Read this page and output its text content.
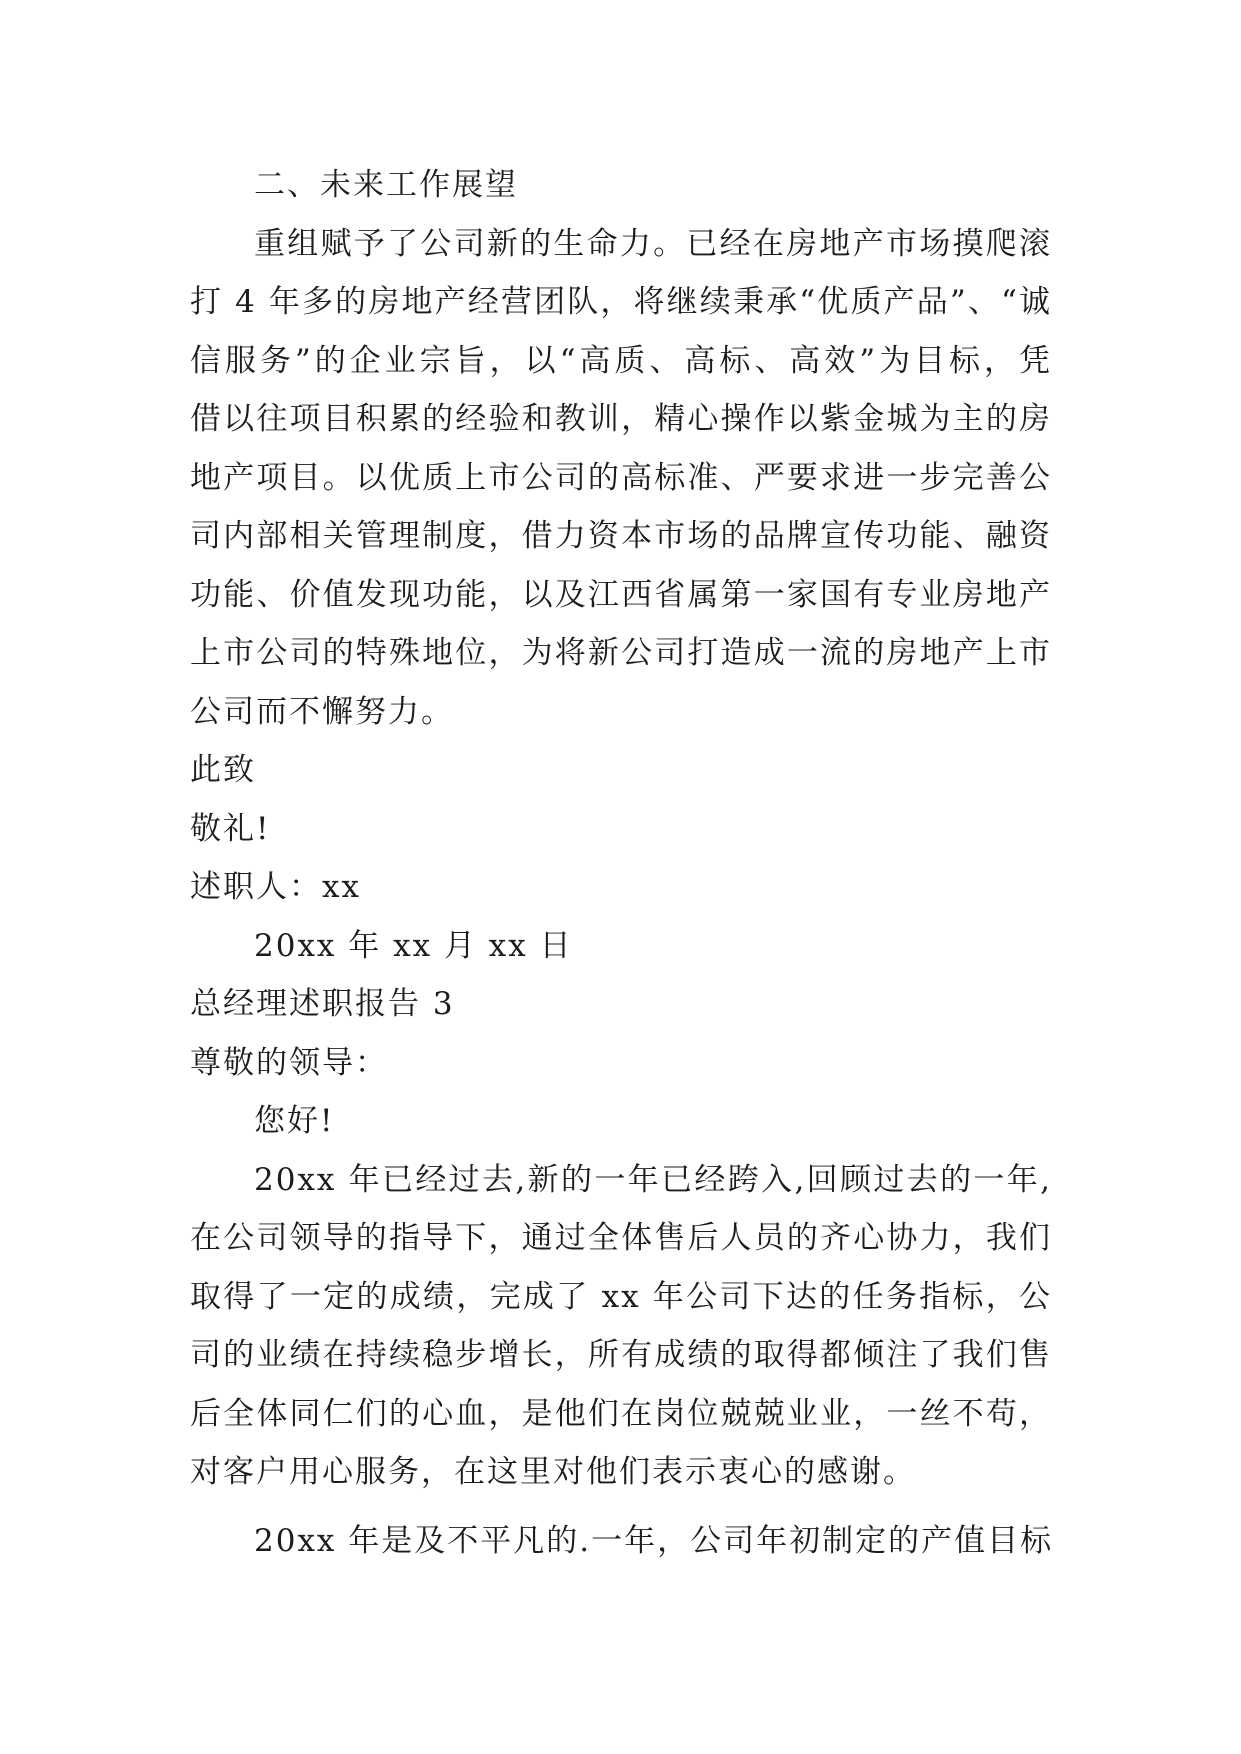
二、未来工作展望
重组赋予了公司新的生命力。已经在房地产市场摸爬滚
打 4 年多的房地产经营团队，将继续秉承“优质产品”、“诚
信服务”的企业宗旨，以“高质、高标、高效”为目标，凭
借以往项目积累的经验和教训，精心操作以紫金城为主的房
地产项目。以优质上市公司的高标准、严要求进一步完善公
司内部相关管理制度，借力资本市场的品牌宣传功能、融资
功能、价值发现功能，以及江西省属第一家国有专业房地产
上市公司的特殊地位，为将新公司打造成一流的房地产上市
公司而不懈努力。
此致
敬礼!
述职人：xx
20xx 年 xx 月 xx 日
总经理述职报告 3
尊敬的领导：
您好!
20xx 年已经过去,新的一年已经跨入,回顾过去的一年,
在公司领导的指导下，通过全体售后人员的齐心协力，我们
取得了一定的成绩，完成了 xx 年公司下达的任务指标，公
司的业绩在持续稳步增长，所有成绩的取得都倾注了我们售
后全体同仁们的心血，是他们在岗位兢兢业业，一丝不苟，
对客户用心服务，在这里对他们表示衷心的感谢。
20xx 年是及不平凡的.一年，公司年初制定的产值目标
